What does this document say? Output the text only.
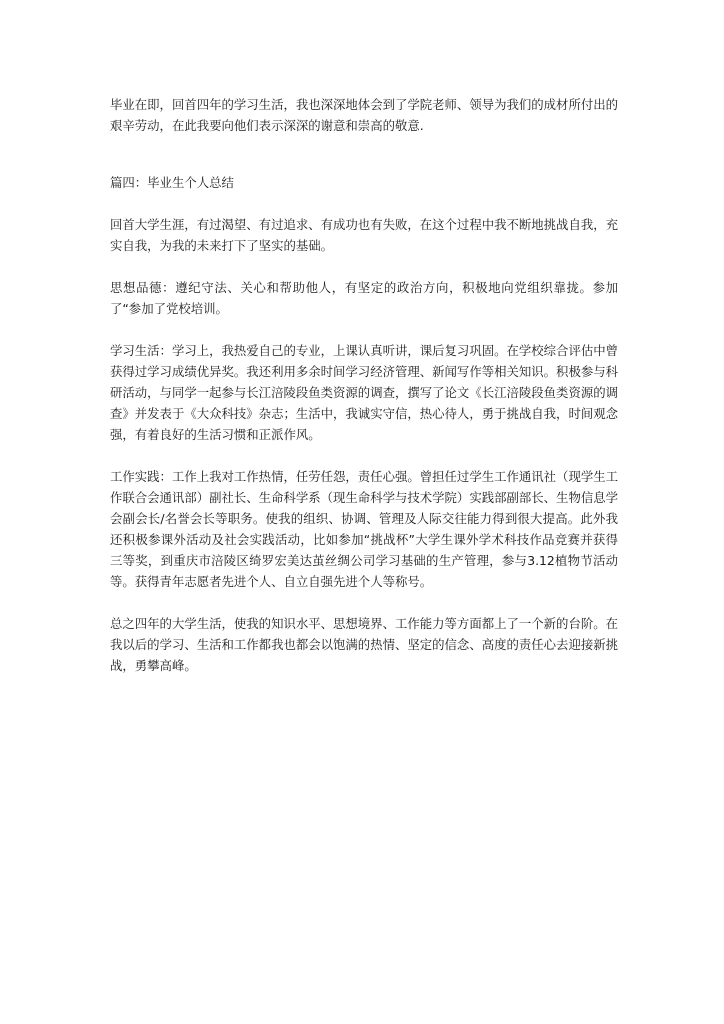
毕业在即，回首四年的学习生活，我也深深地体会到了学院老师、领导为我们的成材所付出的艰辛劳动，在此我要向他们表示深深的谢意和崇高的敬意.

篇四：毕业生个人总结

回首大学生涯，有过渴望、有过追求、有成功也有失败，在这个过程中我不断地挑战自我，充实自我，为我的未来打下了坚实的基础。

思想品德：遵纪守法、关心和帮助他人，有坚定的政治方向，积极地向党组织靠拢。参加了“参加了党校培训。

学习生活：学习上，我热爱自己的专业，上课认真听讲，课后复习巩固。在学校综合评估中曾获得过学习成绩优异奖。我还利用多余时间学习经济管理、新闻写作等相关知识。积极参与科研活动，与同学一起参与长江涪陵段鱼类资源的调查，撰写了论文《长江涪陵段鱼类资源的调查》并发表于《大众科技》杂志；生活中，我诚实守信，热心待人，勇于挑战自我，时间观念强，有着良好的生活习惯和正派作风。

工作实践：工作上我对工作热情，任劳任怨，责任心强。曾担任过学生工作通讯社（现学生工作联合会通讯部）副社长、生命科学系（现生命科学与技术学院）实践部副部长、生物信息学会副会长/名誉会长等职务。使我的组织、协调、管理及人际交往能力得到很大提高。此外我还积极参课外活动及社会实践活动，比如参加“挑战杯”大学生课外学术科技作品竞赛并获得三等奖，到重庆市涪陵区绮罗宏美达茧丝绸公司学习基础的生产管理，参与3.12植物节活动等。获得青年志愿者先进个人、自立自强先进个人等称号。

总之四年的大学生活，使我的知识水平、思想境界、工作能力等方面都上了一个新的台阶。在我以后的学习、生活和工作都我也都会以饱满的热情、坚定的信念、高度的责任心去迎接新挑战，勇攀高峰。
